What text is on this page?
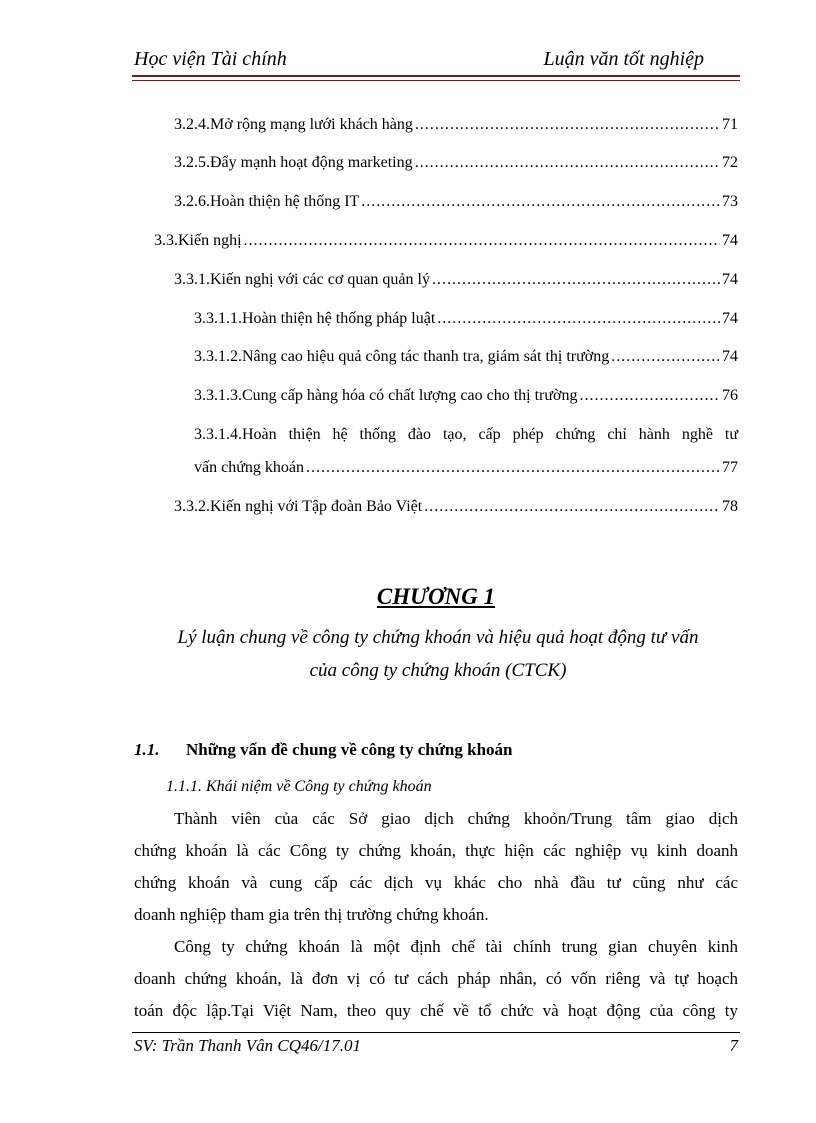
Học viện Tài chính	Luận văn tốt nghiệp
3.2.4.Mở rộng mạng lưới khách hàng .....	71
3.2.5.Đẩy mạnh hoạt động marketing .....	72
3.2.6.Hoàn thiện hệ thống IT .....	73
3.3.Kiến nghị .....	74
3.3.1.Kiến nghị với các cơ quan quản lý .....	74
3.3.1.1.Hoàn thiện hệ thống pháp luật .....	74
3.3.1.2.Nâng cao hiệu quả công tác thanh tra, giám sát thị trường .....	74
3.3.1.3.Cung cấp hàng hóa có chất lượng cao cho thị trường .....	76
3.3.1.4.Hoàn thiện hệ thống đào tạo, cấp phép chứng chỉ hành nghề tư
vấn chứng khoán .....	77
3.3.2.Kiến nghị với Tập đoàn Bảo Việt .....	78
CHƯƠNG 1
Lý luận chung về công ty chứng khoán và hiệu quả hoạt động tư vấn
của công ty chứng khoán (CTCK)
1.1. Những vấn đề chung về công ty chứng khoán
1.1.1. Khái niệm về Công ty chứng khoán
Thành viên của các Sở giao dịch chứng khoỏn/Trung tâm giao dịch
chứng khoán là các Công ty chứng khoán, thực hiện các nghiệp vụ kinh doanh
chứng khoán và cung cấp các dịch vụ khác cho nhà đầu tư cũng như các
doanh nghiệp tham gia trên thị trường chứng khoán.
Công ty chứng khoán là một định chế tài chính trung gian chuyên kinh
doanh chứng khoán, là đơn vị có tư cách pháp nhân, có vốn riêng và tự hoạch
toán độc lập.Tại Việt Nam, theo quy chế về tổ chức và hoạt động của công ty
SV: Trần Thanh Vân CQ46/17.01	7
